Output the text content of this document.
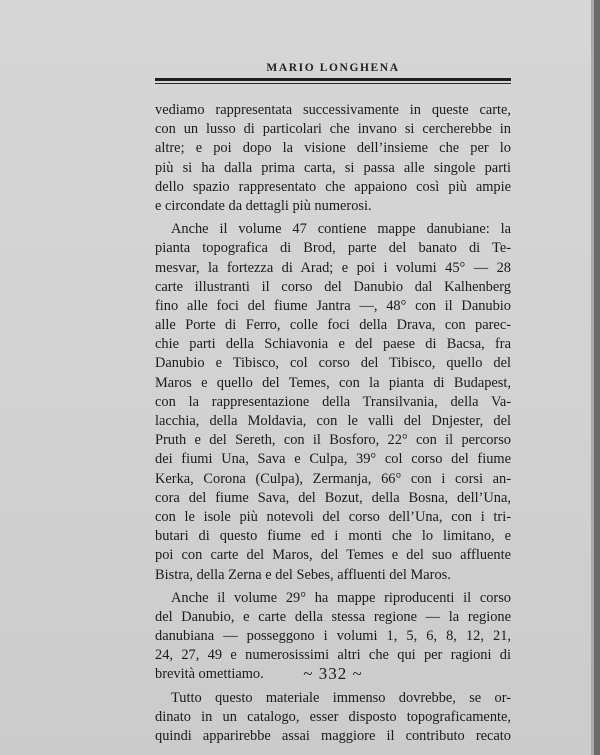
MARIO LONGHENA

vediamo rappresentata successivamente in queste carte,
con un lusso di particolari che invano si cercherebbe in
altre; e poi dopo la visione dell’insieme che per lo
più si ha dalla prima carta, si passa alle singole parti
dello spazio rappresentato che appaiono così più ampie
e circondate da dettagli più numerosi.

Anche il volume 47 contiene mappe danubiane: la
pianta topografica di Brod, parte del banato di Te-
mesvar, la fortezza di Arad; e poi i volumi 45° — 28
carte illustranti il corso del Danubio dal Kalhenberg
fino alle foci del fiume Jantra —, 48° con il Danubio
alle Porte di Ferro, colle foci della Drava, con parec-
chie parti della Schiavonia e del paese di Bacsa, fra
Danubio e Tibisco, col corso del Tibisco, quello del
Maros e quello del Temes, con la pianta di Budapest,
con la rappresentazione della Transilvania, della Va-
lacchia, della Moldavia, con le valli del Dnjester, del
Pruth e del Sereth, con il Bosforo, 22° con il percorso
dei fiumi Una, Sava e Culpa, 39° col corso del fiume
Kerka, Corona (Culpa), Zermanja, 66° con i corsi an-
cora del fiume Sava, del Bozut, della Bosna, dell’Una,
con le isole più notevoli del corso dell’Una, con i tri-
butari di questo fiume ed i monti che lo limitano, e
poi con carte del Maros, del Temes e del suo affluente
Bistra, della Zerna e del Sebes, affluenti del Maros.

Anche il volume 29° ha mappe riproducenti il corso
del Danubio, e carte della stessa regione — la regione
danubiana — posseggono i volumi 1, 5, 6, 8, 12, 21,
24, 27, 49 e numerosissimi altri che qui per ragioni di
brevità omettiamo.

Tutto questo materiale immenso dovrebbe, se or-
dinato in un catalogo, esser disposto topograficamente,
quindi apparirebbe assai maggiore il contributo recato

~ 332 ~
